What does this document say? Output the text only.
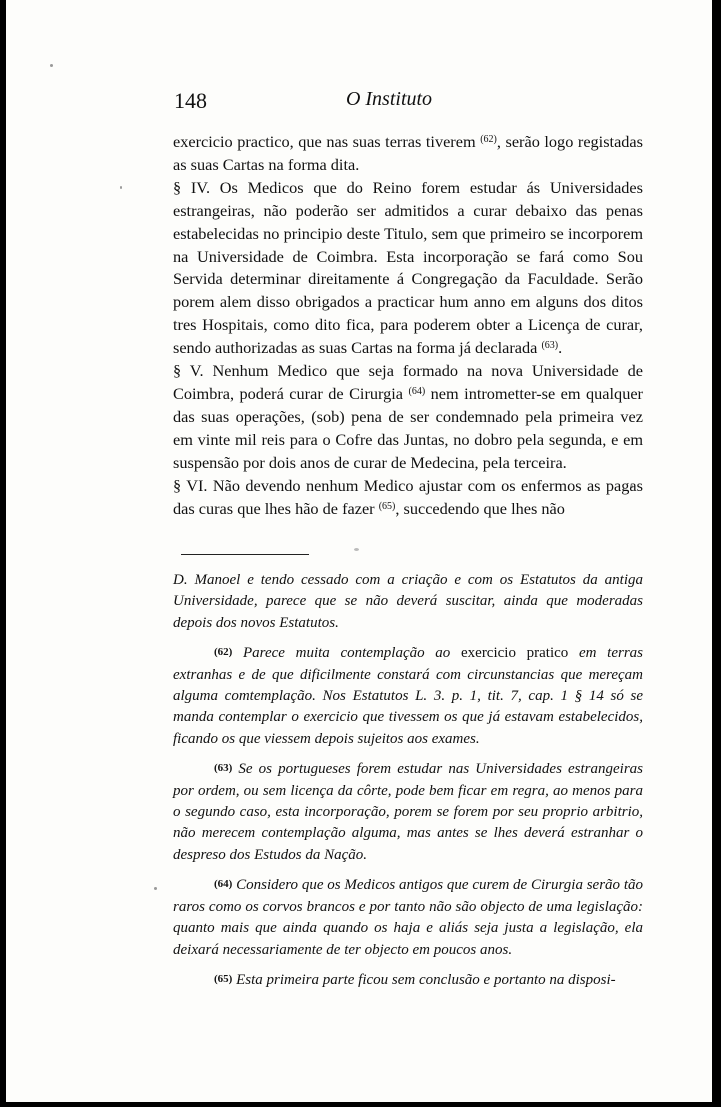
148	O Instituto

exercicio practico, que nas suas terras tiverem $^{(62)}$, serão logo registadas as suas Cartas na forma dita.

§ IV. Os Medicos que do Reino forem estudar ás Universidades estrangeiras, não poderão ser admitidos a curar debaixo das penas estabelecidas no principio deste Titulo, sem que primeiro se incorporem na Universidade de Coimbra. Esta incorporação se fará como Sou Servida determinar direitamente á Congregação da Faculdade. Serão porem alem disso obrigados a practicar hum anno em alguns dos ditos tres Hospitais, como dito fica, para poderem obter a Licença de curar, sendo authorizadas as suas Cartas na forma já declarada $^{(63)}$.

§ V. Nenhum Medico que seja formado na nova Universidade de Coimbra, poderá curar de Cirurgia $^{(64)}$ nem intrometter-se em qualquer das suas operações, (sob) pena de ser condemnado pela primeira vez em vinte mil reis para o Cofre das Juntas, no dobro pela segunda, e em suspensão por dois anos de curar de Medecina, pela terceira.

§ VI. Não devendo nenhum Medico ajustar com os enfermos as pagas das curas que lhes hão de fazer $^{(65)}$, succedendo que lhes não

D. Manoel e tendo cessado com a criação e com os Estatutos da antiga Universidade, parece que se não deverá suscitar, ainda que moderadas depois dos novos Estatutos.

(62) Parece muita contemplação ao exercicio pratico em terras extranhas e de que dificilmente constará com circunstancias que mereçam alguma comtemplação. Nos Estatutos L. 3. p. 1, tit. 7, cap. 1 § 14 só se manda contemplar o exercicio que tivessem os que já estavam estabelecidos, ficando os que viessem depois sujeitos aos exames.

(63) Se os portugueses forem estudar nas Universidades estrangeiras por ordem, ou sem licença da côrte, pode bem ficar em regra, ao menos para o segundo caso, esta incorporação, porem se forem por seu proprio arbitrio, não merecem contemplação alguma, mas antes se lhes deverá estranhar o despreso dos Estudos da Nação.

(64) Considero que os Medicos antigos que curem de Cirurgia serão tão raros como os corvos brancos e por tanto não são objecto de uma legislação: quanto mais que ainda quando os haja e aliás seja justa a legislação, ela deixará necessariamente de ter objecto em poucos anos.

(65) Esta primeira parte ficou sem conclusão e portanto na disposi-
